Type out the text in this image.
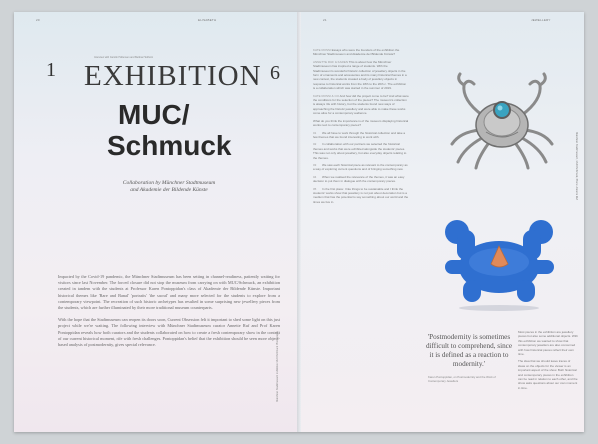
20	ELISABETH
Interview with Carolin Hollensen and Bettina Hutthorn
1 EXHIBITION
MUC/
Schmuck
Collaboration by Münchner Stadtmuseum
and Akademie der Bildende Künste

Impacted by the Covid-19 pandemic, the Münchner Stadtmuseum has been setting in channel-readiness, patiently waiting for visitors since last November. The forced closure did not stop the museum from carrying on with MUC/Schmuck, an exhibition created in tandem with the students at Professor Karen Pontoppidan's class of Akademie der Bildende Künste. Important historical themes like 'Rare and Banal' 'portraits' 'the sacral' and many more selected for the students to explore from a contemporary viewpoint. The recreation of such historic archetypes has resulted in some surprising new jewellery pieces from the students, which are further illuminated by their more traditional museum counterparts.

With the hope that the Stadtmuseum can reopen its doors soon, Current Obsession felt it important to shed some light on this just project while we're waiting. The following interview with Münchner Stadtmuseum curator Annette Ruf and Prof Karen Pontoppidan reveals how both curators and the students collaborated on how to create a fresh contemporary show in the context of our current historical moment, rife with fresh challenges. Pontoppidan's belief that the exhibition should be seen more object-based analysis of postmodernity, gives special relevance.	Münchner Stadtmuseum Exhibition MUC/Schmuck Photography
21	JEWELLERY
6

KATE ROSSI Essays who were the founders of the exhibition the Münchner Stadtmuseum and Akademie der Bildende Künste?

ANNETTE RUF & KAREN This is about how the Münchner Stadtmuseum has inspired a range of students. With the Stadtmuseum's wonderful historic collection of jewellery objects in the form of ornaments and accessories and its many historical themes in a new context, the students created a body of jewellery objects in response to historical works from the 18th to the 20th c. The exhibition is a collaboration which was started in the summer of 2019.

KATE ROSSI & CO And how did the project come to be? And what were the conditions for the selection of the pieces? The museum's collection is always rife with history, but the students found new ways of approaching the historic jewellery and were able to make these works come alive for a contemporary audience.

What do you think the importance is of the museum displaying historical works next to contemporary pieces?

01 We all have to work through the historical collection and take a few themes that we found interesting to work with.

02 In collaboration with our partners we selected the historical themes and works that were exhibited alongside the students' pieces. This was not only about jewellery, but also everyday objects relating to the themes.

03 We saw each historical piece as relevant to the contemporary as a way of exploring current questions and of bringing something new.

04 When we realised the relevance of the themes, it was an easy decision to put them in dialogue with the contemporary pieces.

05 In the first place: I like things to be sustainable and I think the students' works show that jewellery is not just about decoration but is a medium that has the potential to say something about our world and the times we live in.

'Postmodernity is sometimes difficult to comprehend, since it is defined as a reaction to modernity.'
Karen Pontoppidan, on Postmodernity and the Work of Contemporary Jewellers

Most pieces in the exhibition are jewellery pieces but also some additional objects. With this exhibition we wanted to show that contemporary jewellers are also concerned with how historical pieces reflect their own time.

The idea that we should leave traces of ideas on the objects for the viewer is an important aspect of the show. Both historical and contemporary pieces in the exhibition can be read in relation to each other, and the show asks questions about our own moment in time.

Münchner Stadtmuseum, MUC/Schmuck, Photo: Annette Ruf
